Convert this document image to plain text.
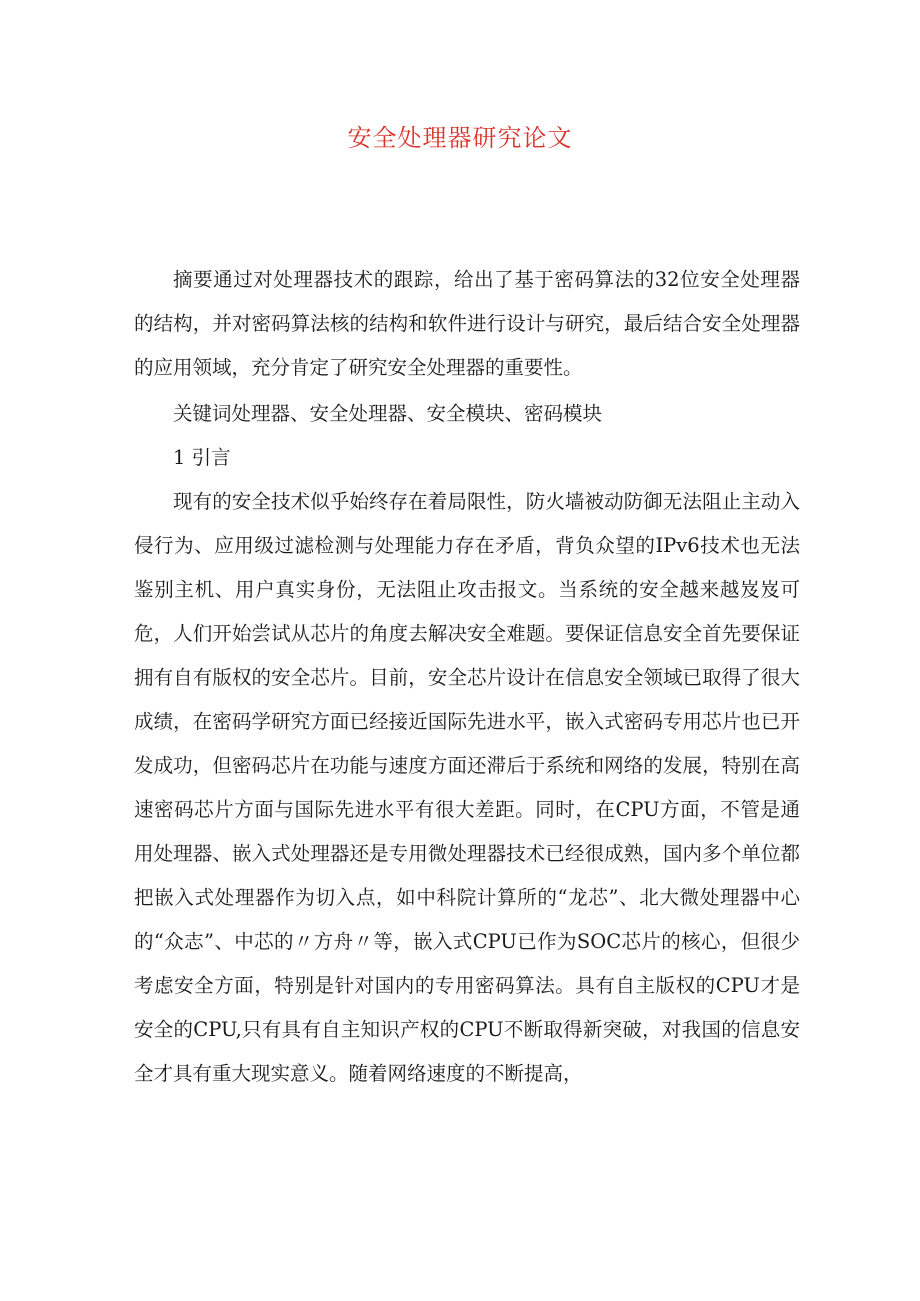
安全处理器研究论文

摘要通过对处理器技术的跟踪，给出了基于密码算法的32位安全处理器的结构，并对密码算法核的结构和软件进行设计与研究，最后结合安全处理器的应用领域，充分肯定了研究安全处理器的重要性。

关键词处理器、安全处理器、安全模块、密码模块

1 引言

现有的安全技术似乎始终存在着局限性，防火墙被动防御无法阻止主动入侵行为、应用级过滤检测与处理能力存在矛盾，背负众望的IPv6技术也无法鉴别主机、用户真实身份，无法阻止攻击报文。当系统的安全越来越岌岌可危，人们开始尝试从芯片的角度去解决安全难题。要保证信息安全首先要保证拥有自有版权的安全芯片。目前，安全芯片设计在信息安全领域已取得了很大成绩，在密码学研究方面已经接近国际先进水平，嵌入式密码专用芯片也已开发成功，但密码芯片在功能与速度方面还滞后于系统和网络的发展，特别在高速密码芯片方面与国际先进水平有很大差距。同时，在CPU方面，不管是通用处理器、嵌入式处理器还是专用微处理器技术已经很成熟，国内多个单位都把嵌入式处理器作为切入点，如中科院计算所的“龙芯”、北大微处理器中心的“众志”、中芯的〃方舟〃等，嵌入式CPU已作为SOC芯片的核心，但很少考虑安全方面，特别是针对国内的专用密码算法。具有自主版权的CPU才是安全的CPU,只有具有自主知识产权的CPU不断取得新突破，对我国的信息安全才具有重大现实意义。随着网络速度的不断提高，
